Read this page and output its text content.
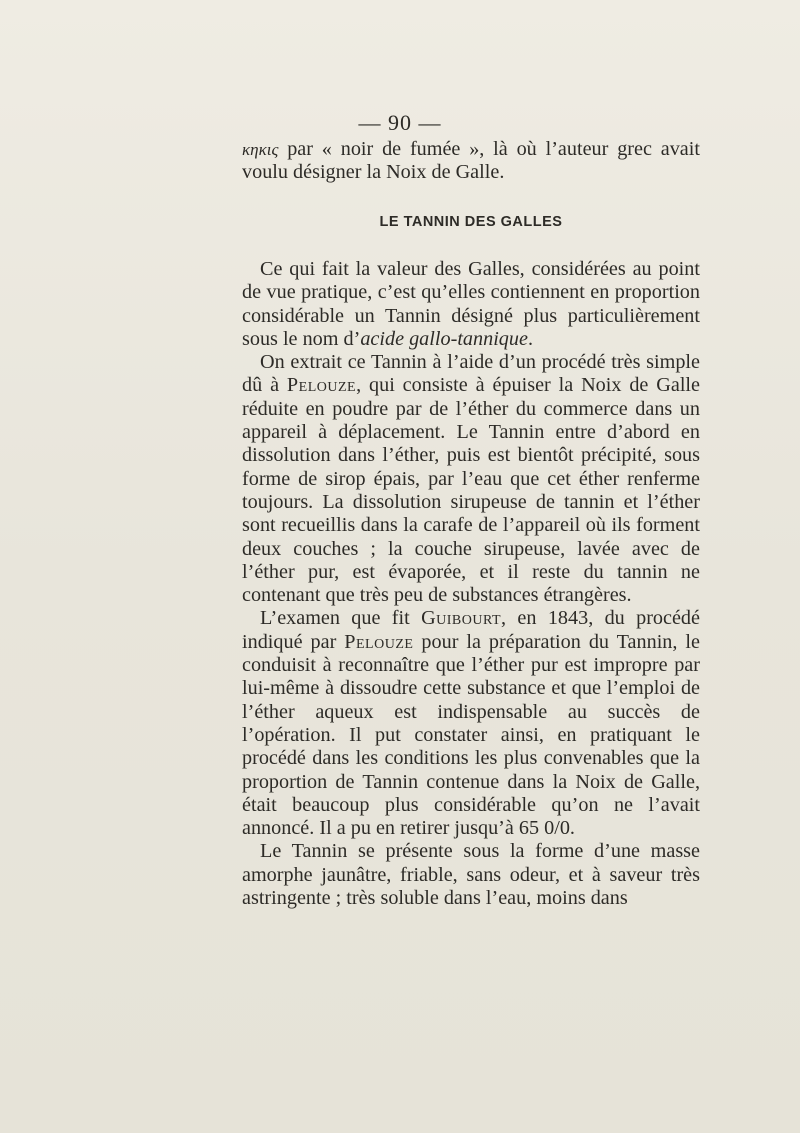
— 90 —

κηκις par « noir de fumée », là où l’auteur grec avait voulu désigner la Noix de Galle.

LE TANNIN DES GALLES

Ce qui fait la valeur des Galles, considérées au point de vue pratique, c’est qu’elles contiennent en proportion considérable un Tannin désigné plus particulièrement sous le nom d’acide gallo-tannique.

On extrait ce Tannin à l’aide d’un procédé très simple dû à Pelouze, qui consiste à épuiser la Noix de Galle réduite en poudre par de l’éther du commerce dans un appareil à déplacement. Le Tannin entre d’abord en dissolution dans l’éther, puis est bientôt précipité, sous forme de sirop épais, par l’eau que cet éther renferme toujours. La dissolution sirupeuse de tannin et l’éther sont recueillis dans la carafe de l’appareil où ils forment deux couches ; la couche sirupeuse, lavée avec de l’éther pur, est évaporée, et il reste du tannin ne contenant que très peu de substances étrangères.

L’examen que fit Guibourt, en 1843, du procédé indiqué par Pelouze pour la préparation du Tannin, le conduisit à reconnaître que l’éther pur est impropre par lui-même à dissoudre cette substance et que l’emploi de l’éther aqueux est indispensable au succès de l’opération. Il put constater ainsi, en pratiquant le procédé dans les conditions les plus convenables que la proportion de Tannin contenue dans la Noix de Galle, était beaucoup plus considérable qu’on ne l’avait annoncé. Il a pu en retirer jusqu’à 65 0/0.

Le Tannin se présente sous la forme d’une masse amorphe jaunâtre, friable, sans odeur, et à saveur très astringente ; très soluble dans l’eau, moins dans
